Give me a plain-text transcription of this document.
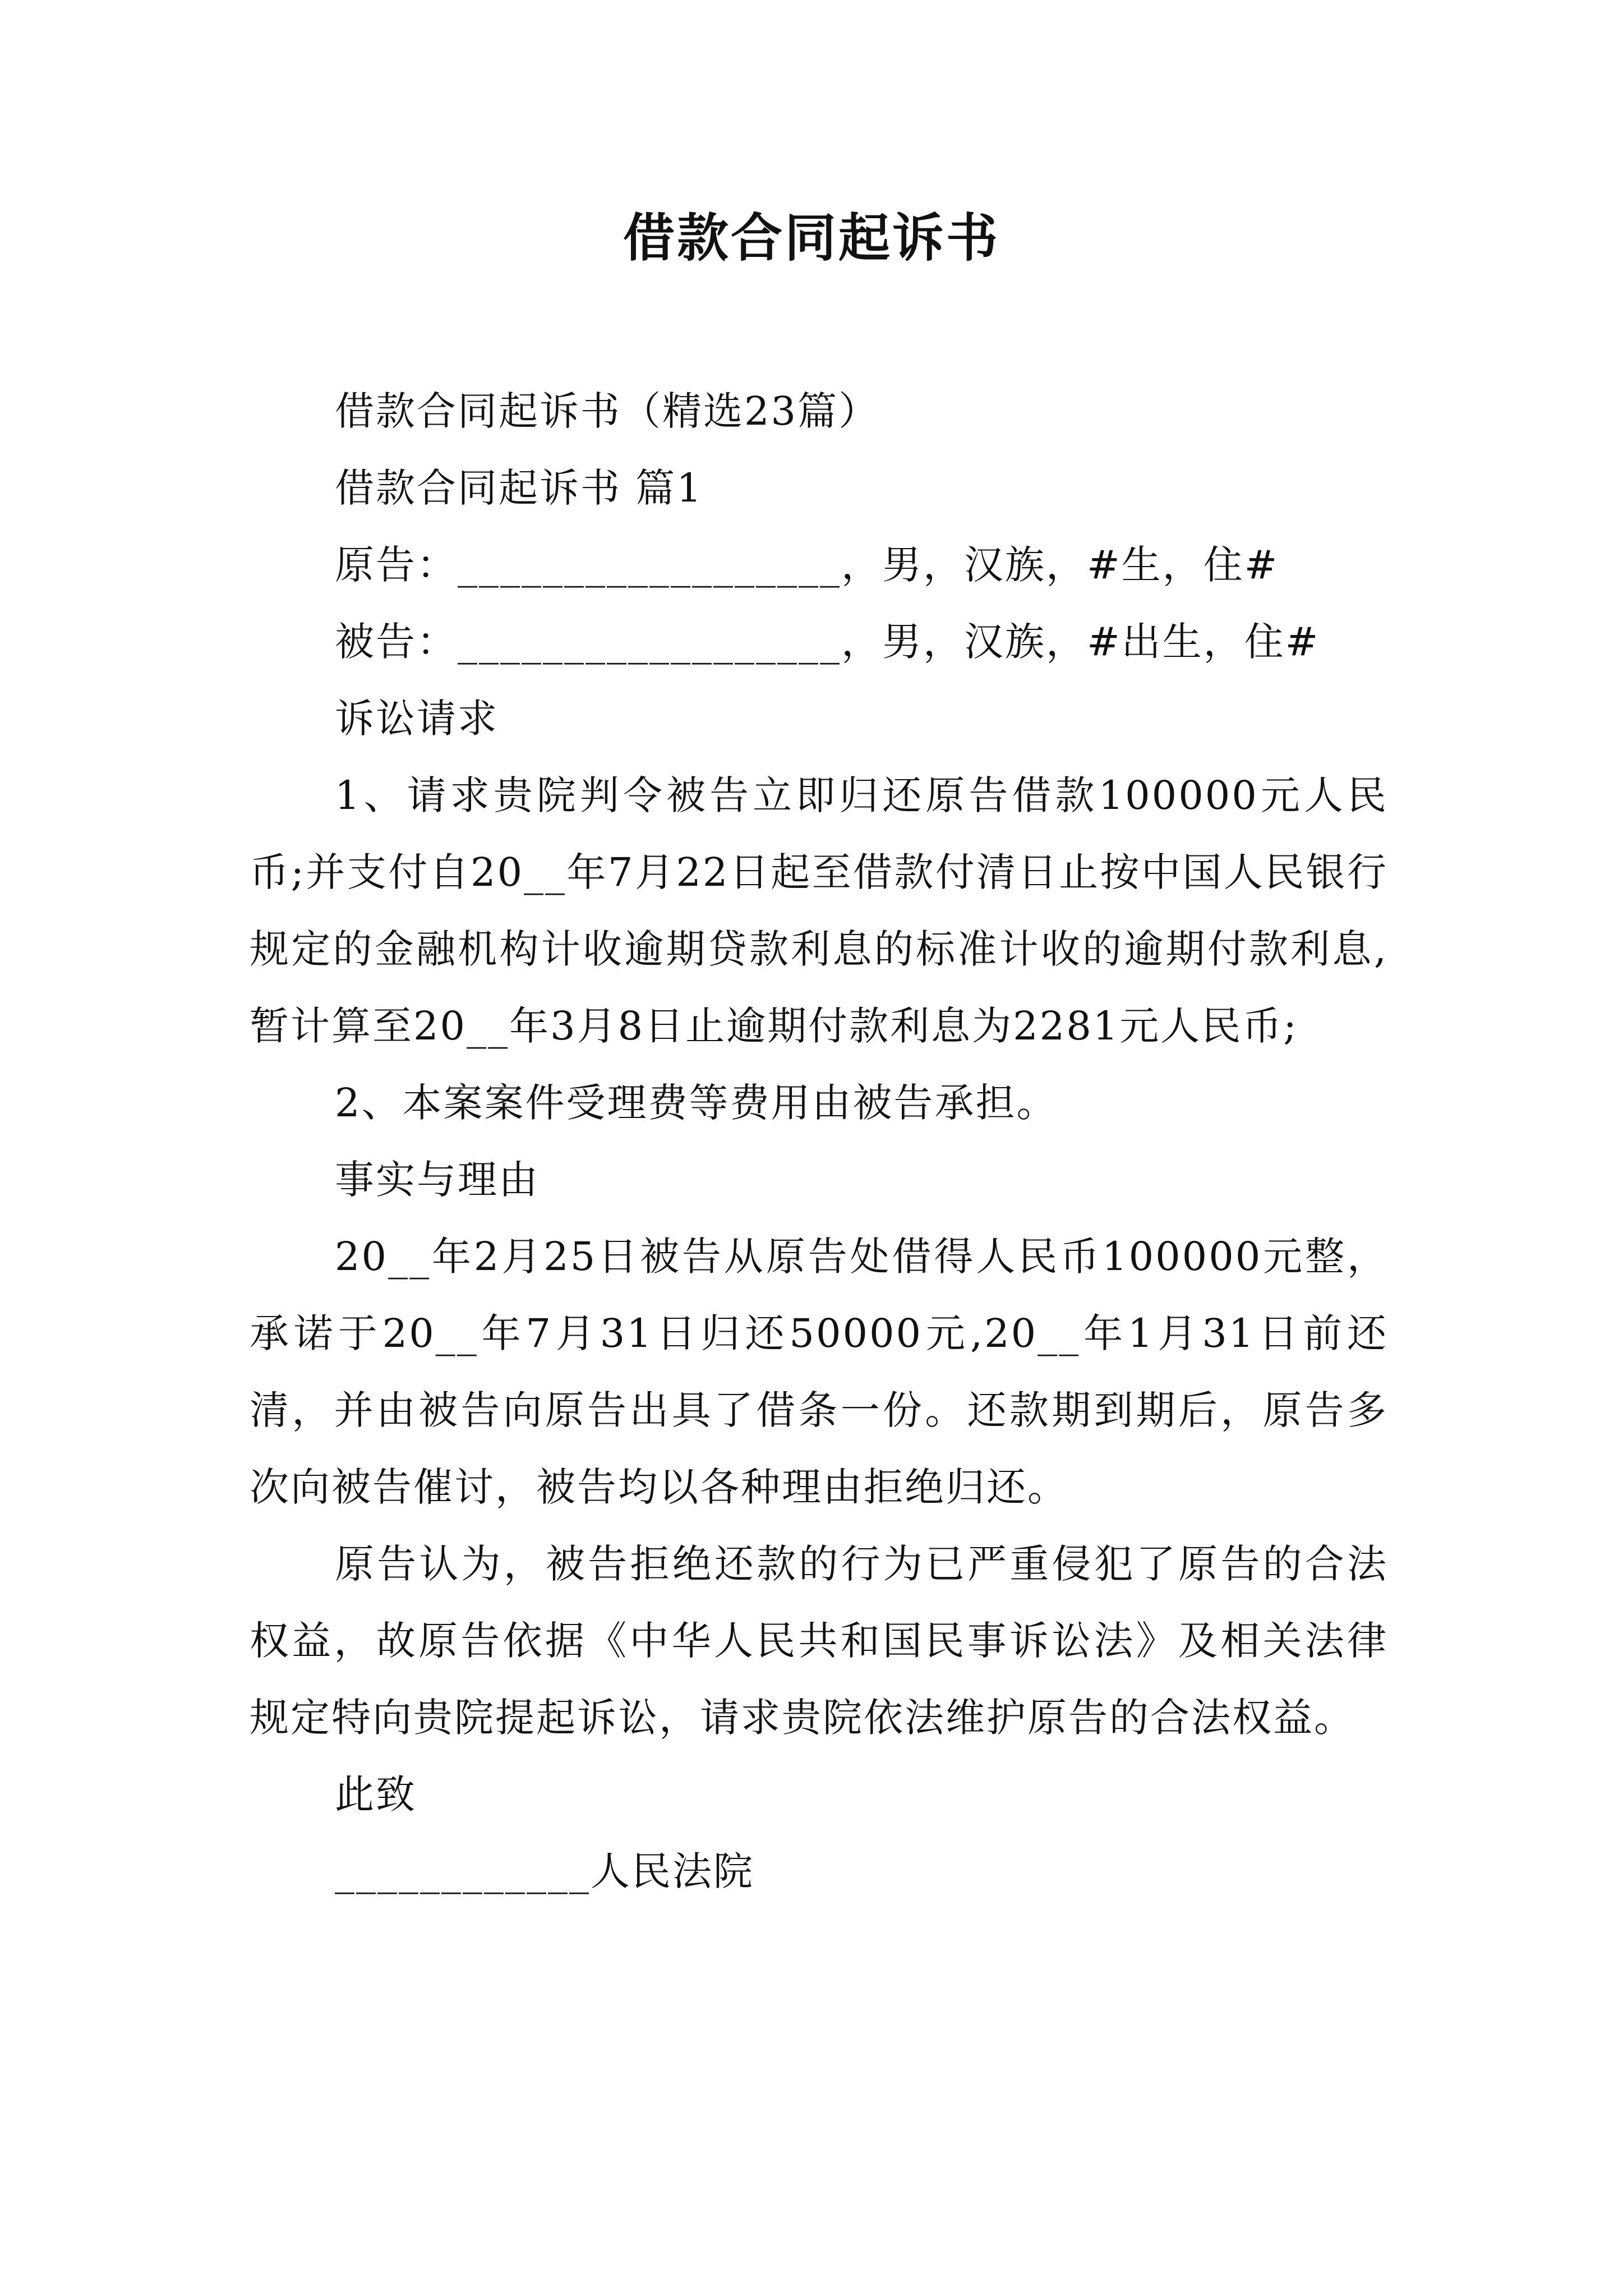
借款合同起诉书

借款合同起诉书（精选23篇）

借款合同起诉书 篇1

原告：__________________，男，汉族，#生，住#

被告：__________________，男，汉族，#出生，住#

诉讼请求

1、请求贵院判令被告立即归还原告借款100000元人民币;并支付自20__年7月22日起至借款付清日止按中国人民银行规定的金融机构计收逾期贷款利息的标准计收的逾期付款利息,暂计算至20__年3月8日止逾期付款利息为2281元人民币;

2、本案案件受理费等费用由被告承担。

事实与理由

20__年2月25日被告从原告处借得人民币100000元整，承诺于20__年7月31日归还50000元,20__年1月31日前还清，并由被告向原告出具了借条一份。还款期到期后，原告多次向被告催讨，被告均以各种理由拒绝归还。

原告认为，被告拒绝还款的行为已严重侵犯了原告的合法权益，故原告依据《中华人民共和国民事诉讼法》及相关法律规定特向贵院提起诉讼，请求贵院依法维护原告的合法权益。

此致

____________人民法院
